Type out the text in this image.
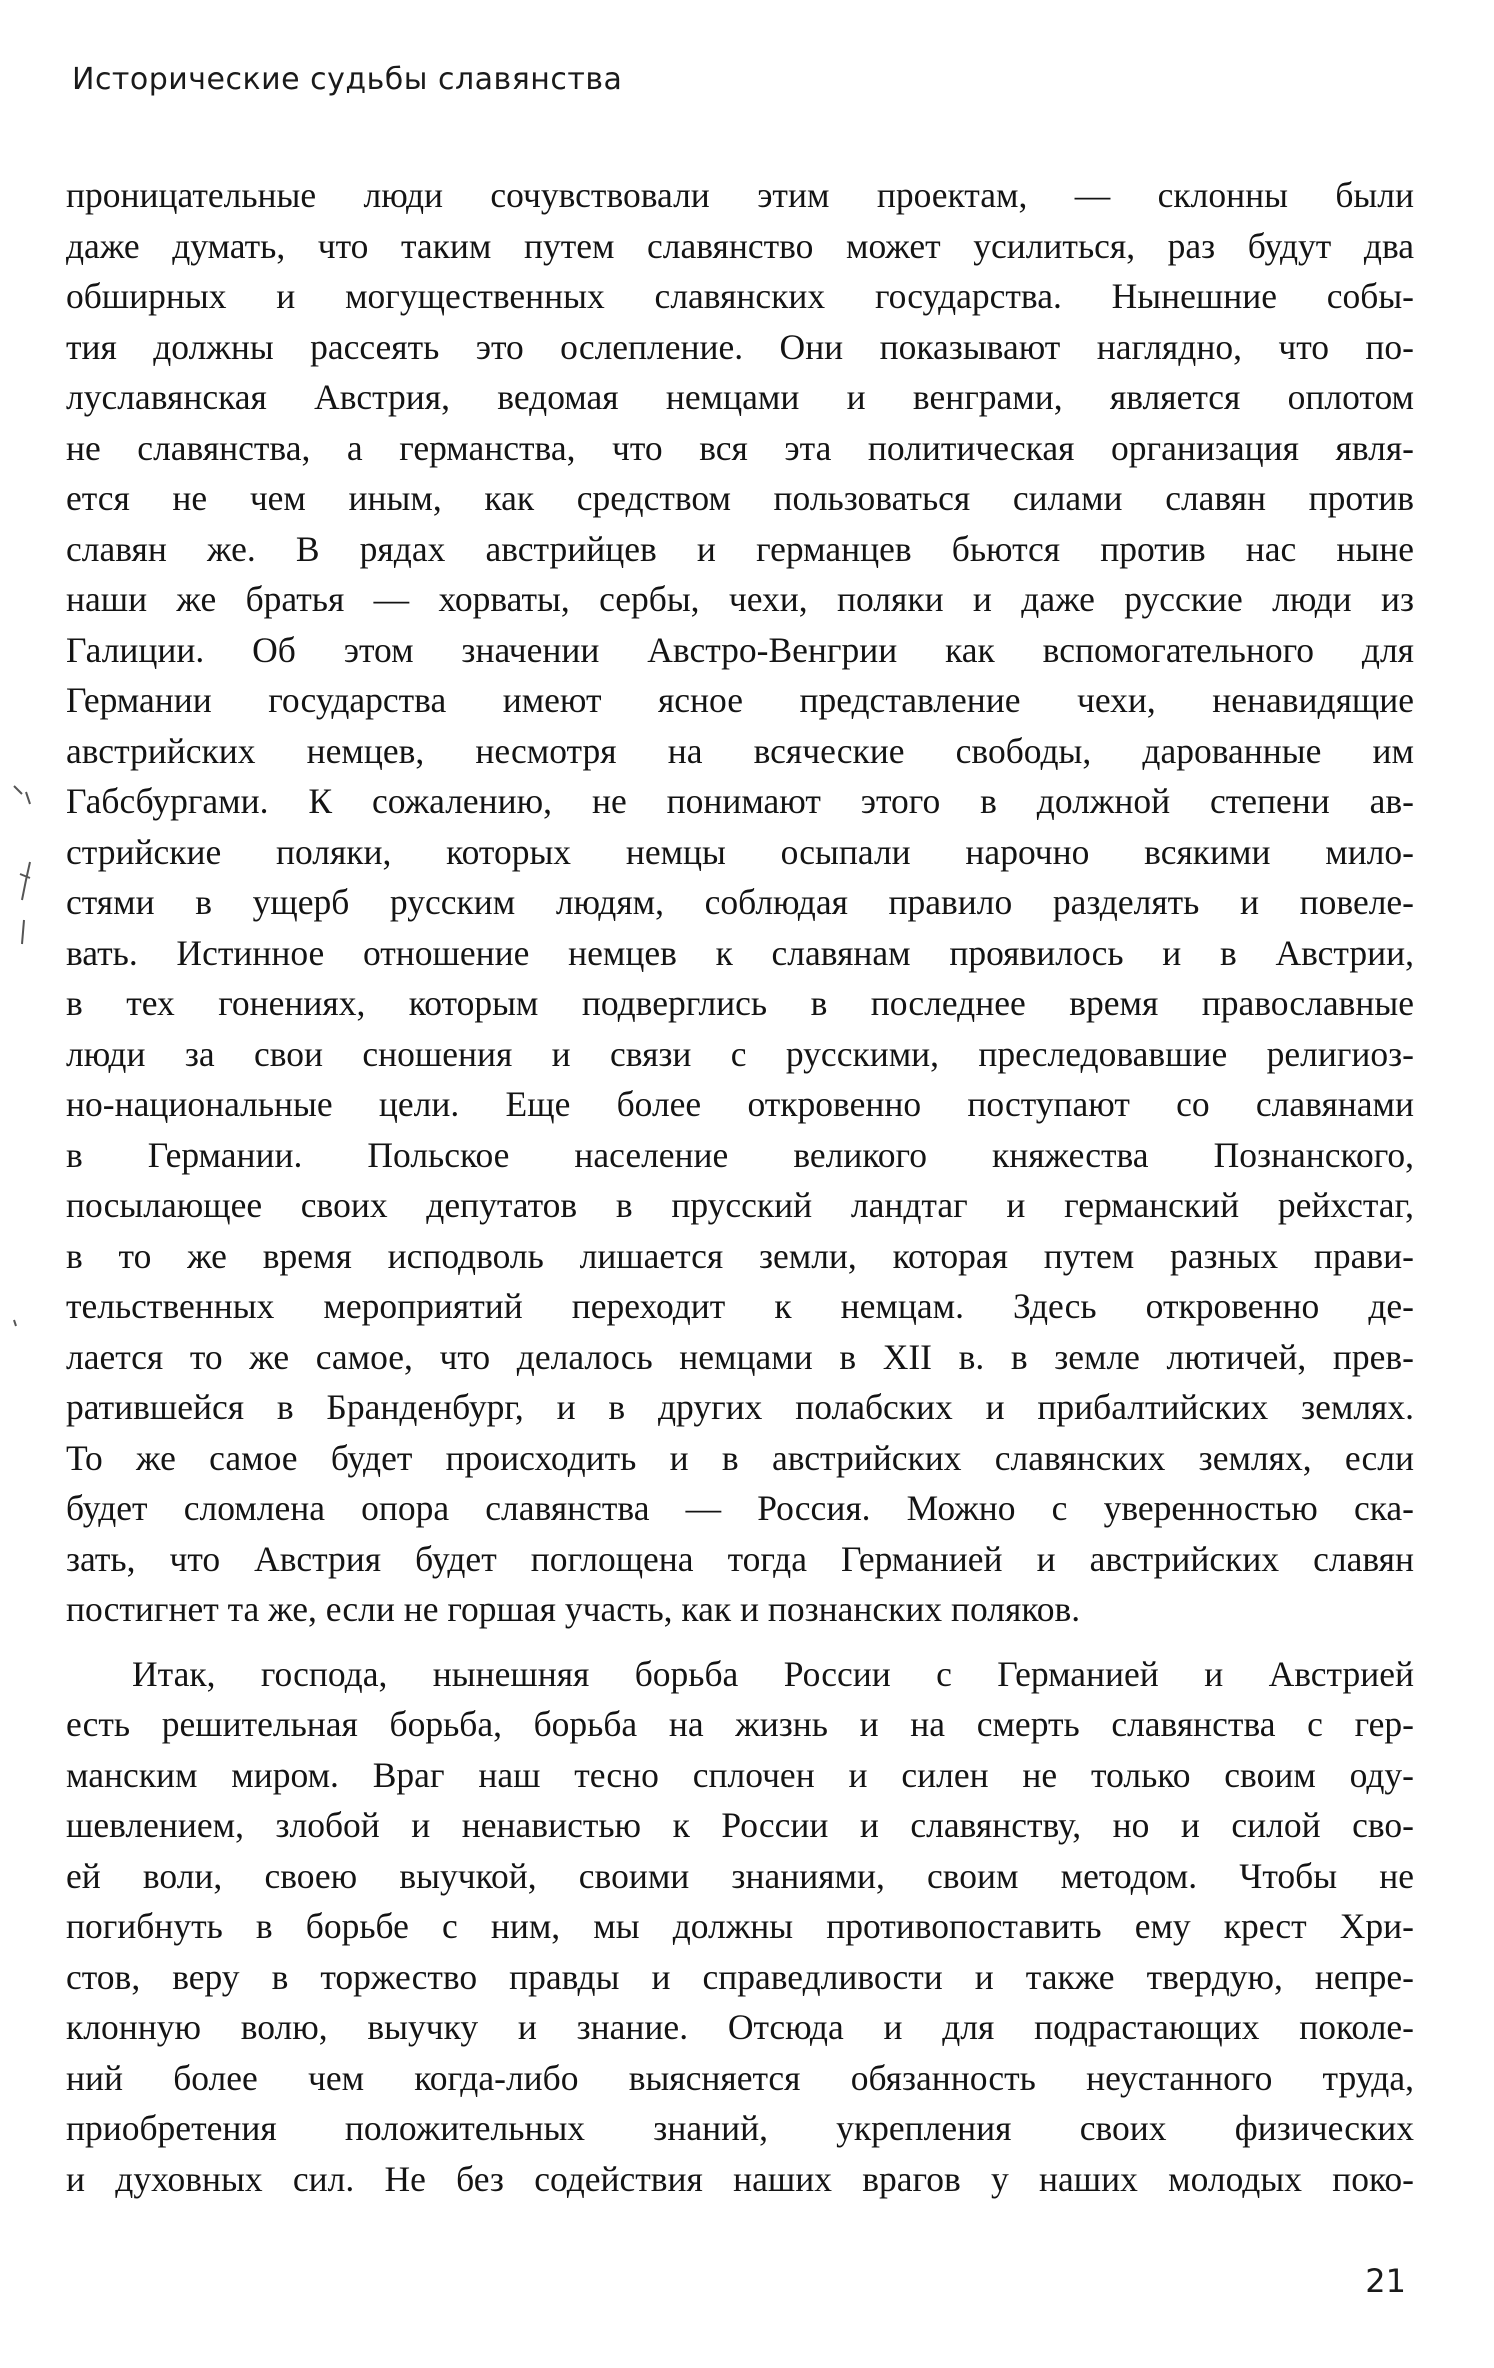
Исторические судьбы славянства
проницательные люди сочувствовали этим проектам, — склонны были
даже думать, что таким путем славянство может усилиться, раз будут два
обширных и могущественных славянских государства. Нынешние собы-
тия должны рассеять это ослепление. Они показывают наглядно, что по-
луславянская Австрия, ведомая немцами и венграми, является оплотом
не славянства, а германства, что вся эта политическая организация явля-
ется не чем иным, как средством пользоваться силами славян против
славян же. В рядах австрийцев и германцев бьются против нас ныне
наши же братья — хорваты, сербы, чехи, поляки и даже русские люди из
Галиции. Об этом значении Австро-Венгрии как вспомогательного для
Германии государства имеют ясное представление чехи, ненавидящие
австрийских немцев, несмотря на всяческие свободы, дарованные им
Габсбургами. К сожалению, не понимают этого в должной степени ав-
стрийские поляки, которых немцы осыпали нарочно всякими мило-
стями в ущерб русским людям, соблюдая правило разделять и повеле-
вать. Истинное отношение немцев к славянам проявилось и в Австрии,
в тех гонениях, которым подверглись в последнее время православные
люди за свои сношения и связи с русскими, преследовавшие религиоз-
но-национальные цели. Еще более откровенно поступают со славянами
в Германии. Польское население великого княжества Познанского,
посылающее своих депутатов в прусский ландтаг и германский рейхстаг,
в то же время исподволь лишается земли, которая путем разных прави-
тельственных мероприятий переходит к немцам. Здесь откровенно де-
лается то же самое, что делалось немцами в XII в. в земле лютичей, прев-
ратившейся в Бранденбург, и в других полабских и прибалтийских землях.
То же самое будет происходить и в австрийских славянских землях, если
будет сломлена опора славянства — Россия. Можно с уверенностью ска-
зать, что Австрия будет поглощена тогда Германией и австрийских славян
постигнет та же, если не горшая участь, как и познанских поляков.
Итак, господа, нынешняя борьба России с Германией и Австрией
есть решительная борьба, борьба на жизнь и на смерть славянства с гер-
манским миром. Враг наш тесно сплочен и силен не только своим оду-
шевлением, злобой и ненавистью к России и славянству, но и силой сво-
ей воли, своею выучкой, своими знаниями, своим методом. Чтобы не
погибнуть в борьбе с ним, мы должны противопоставить ему крест Хри-
стов, веру в торжество правды и справедливости и также твердую, непре-
клонную волю, выучку и знание. Отсюда и для подрастающих поколе-
ний более чем когда-либо выясняется обязанность неустанного труда,
приобретения положительных знаний, укрепления своих физических
и духовных сил. Не без содействия наших врагов у наших молодых поко-
21
